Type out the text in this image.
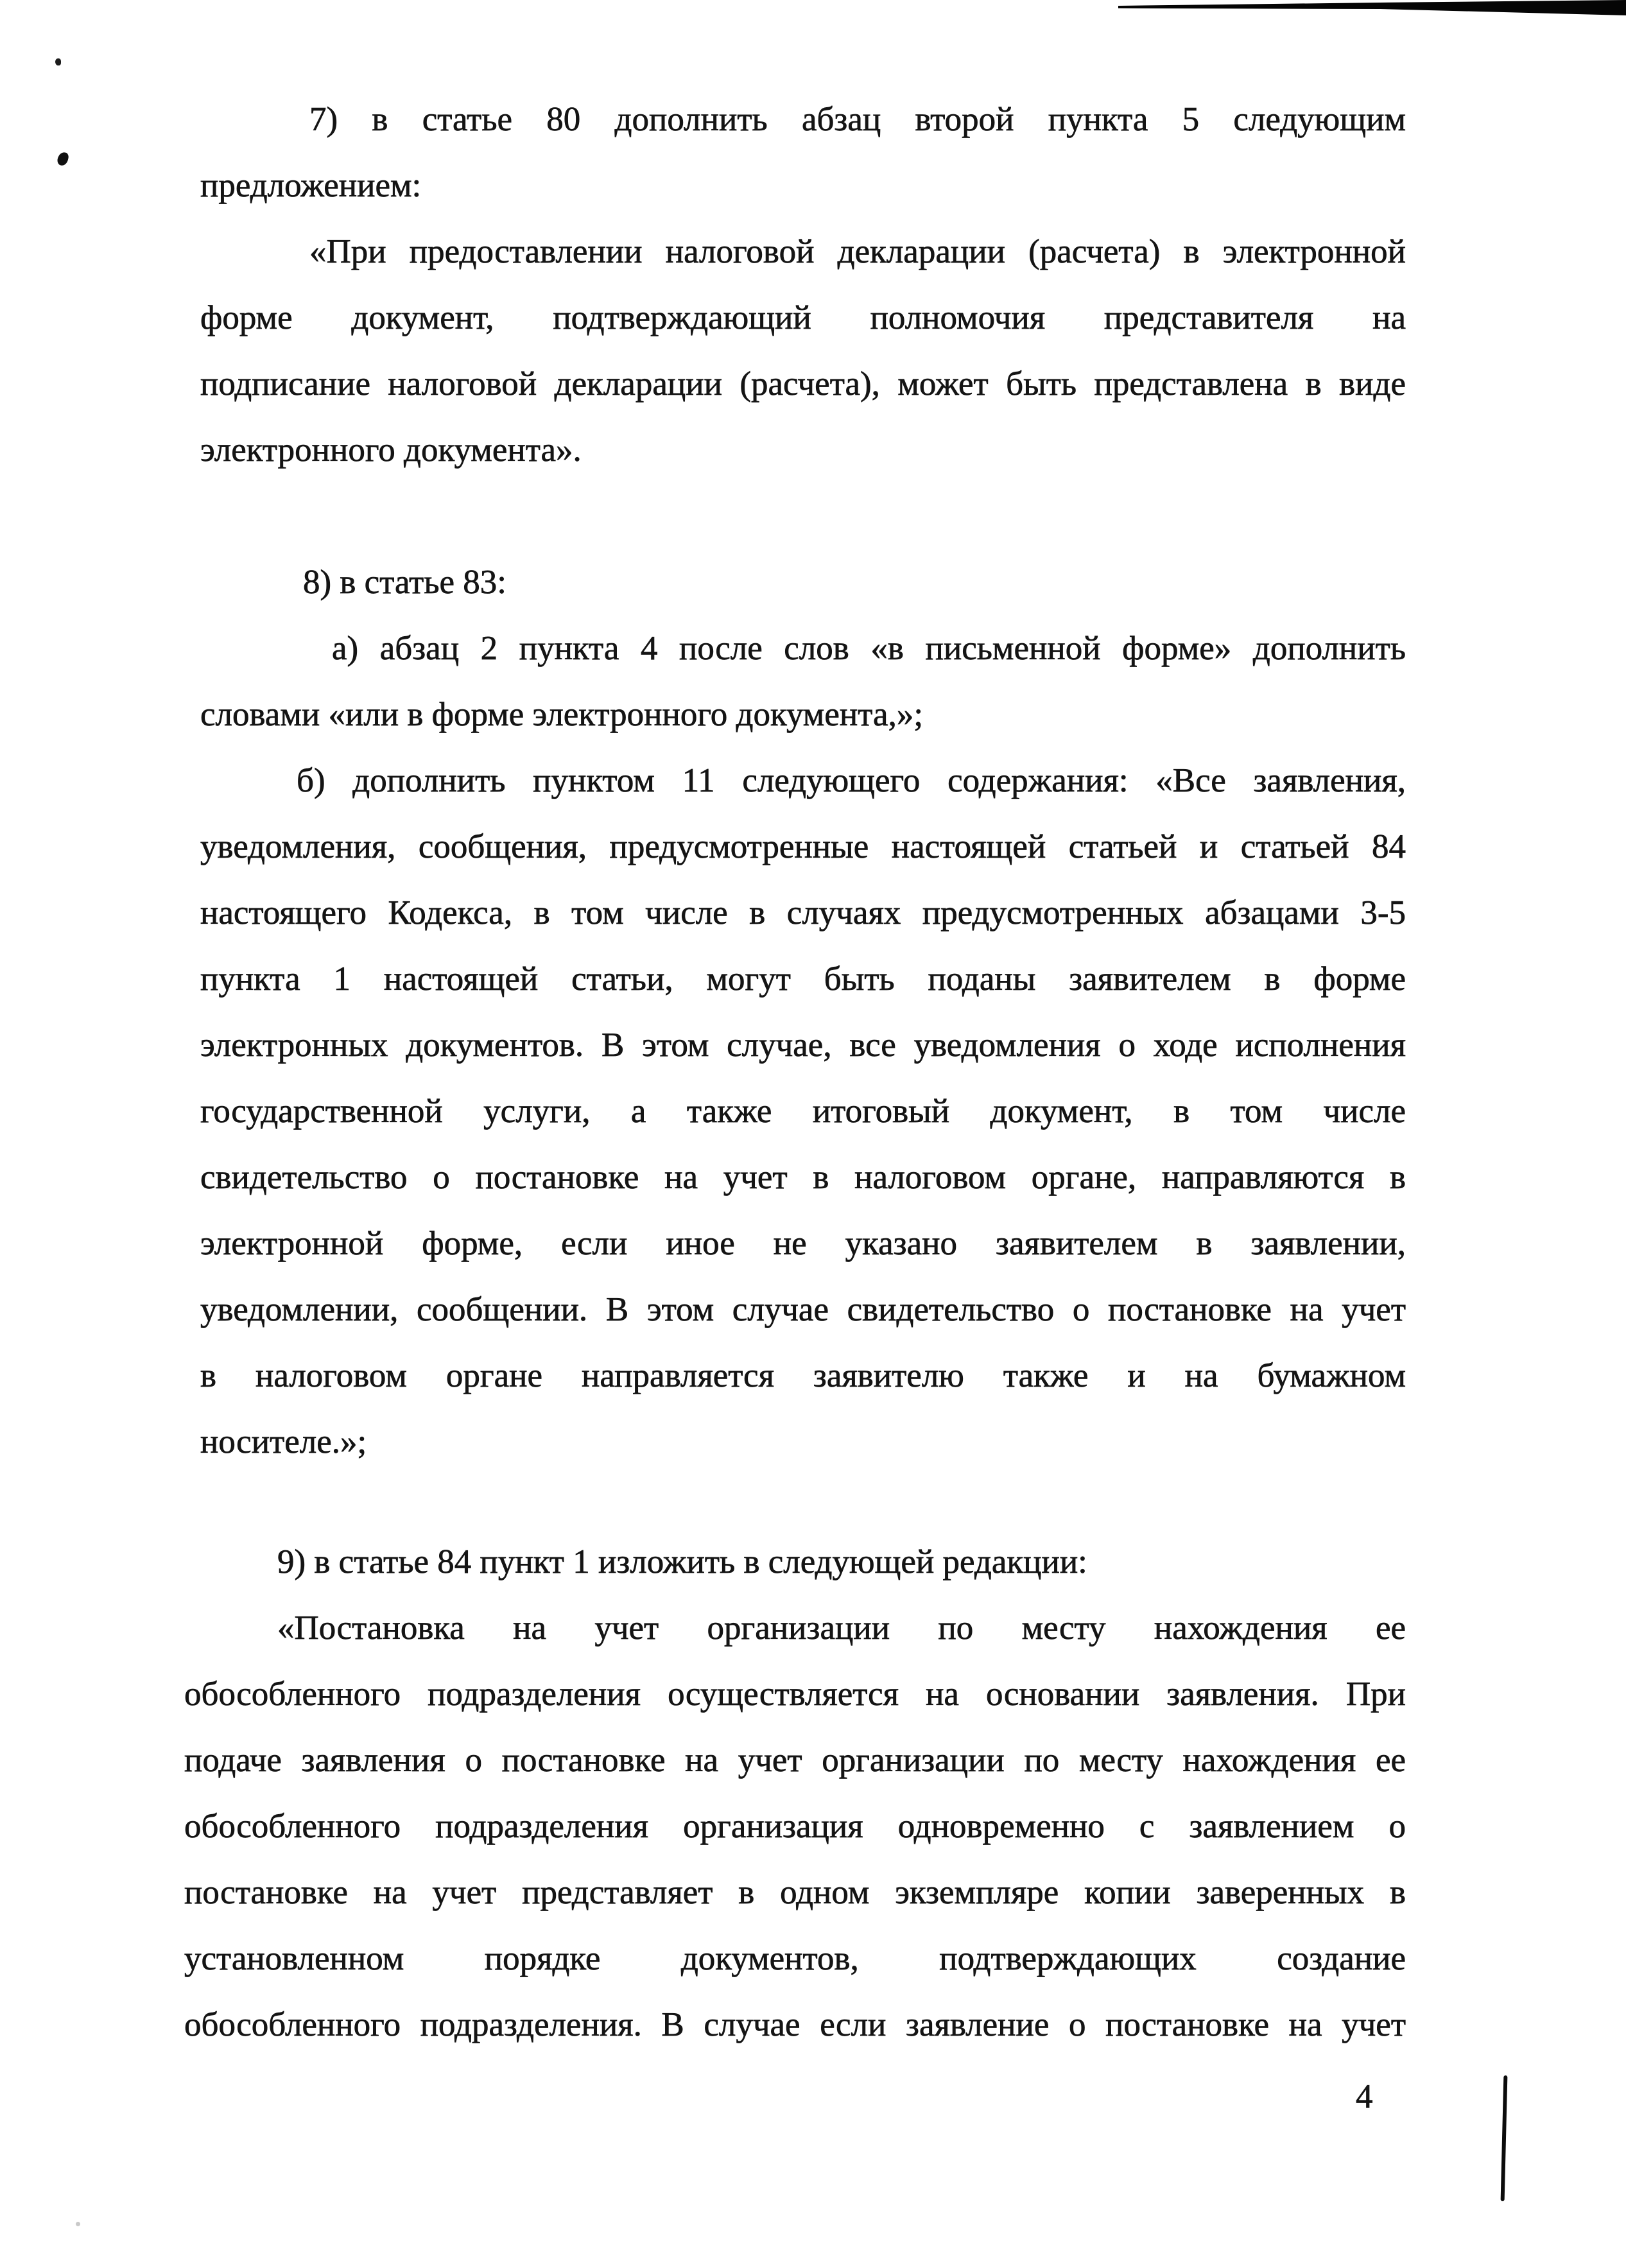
7) в статье 80 дополнить абзац второй пункта 5 следующим
предложением:
«При предоставлении налоговой декларации (расчета) в электронной
форме документ, подтверждающий полномочия представителя на
подписание налоговой декларации (расчета), может быть представлена в виде
электронного документа».
8) в статье 83:
а) абзац 2 пункта 4 после слов «в письменной форме» дополнить
словами «или в форме электронного документа,»;
б) дополнить пунктом 11 следующего содержания: «Все заявления,
уведомления, сообщения, предусмотренные настоящей статьей и статьей 84
настоящего Кодекса, в том числе в случаях предусмотренных абзацами 3-5
пункта 1 настоящей статьи, могут быть поданы заявителем в форме
электронных документов. В этом случае, все уведомления о ходе исполнения
государственной услуги, а также итоговый документ, в том числе
свидетельство о постановке на учет в налоговом органе, направляются в
электронной форме, если иное не указано заявителем в заявлении,
уведомлении, сообщении. В этом случае свидетельство о постановке на учет
в налоговом органе направляется заявителю также и на бумажном
носителе.»;
9) в статье 84 пункт 1 изложить в следующей редакции:
«Постановка на учет организации по месту нахождения ее
обособленного подразделения осуществляется на основании заявления. При
подаче заявления о постановке на учет организации по месту нахождения ее
обособленного подразделения организация одновременно с заявлением о
постановке на учет представляет в одном экземпляре копии заверенных в
установленном порядке документов, подтверждающих создание
обособленного подразделения. В случае если заявление о постановке на учет
4
